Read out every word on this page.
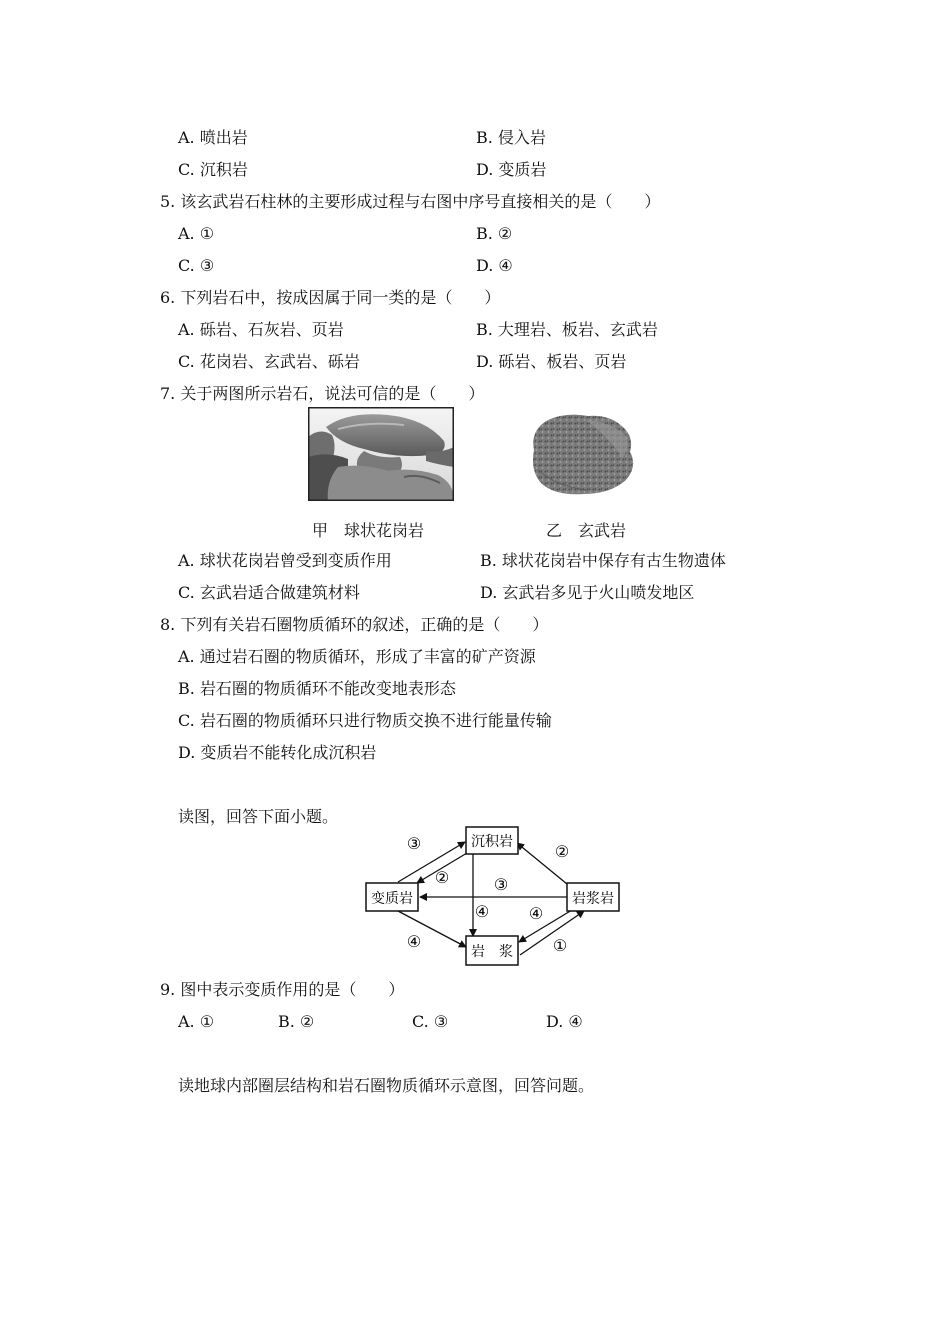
A. 喷出岩	B. 侵入岩
C. 沉积岩	D. 变质岩
5. 该玄武岩石柱林的主要形成过程与右图中序号直接相关的是（　　）
A. ①	B. ②
C. ③	D. ④
6. 下列岩石中，按成因属于同一类的是（　　）
A. 砾岩、石灰岩、页岩	B. 大理岩、板岩、玄武岩
C. 花岗岩、玄武岩、砾岩	D. 砾岩、板岩、页岩
7. 关于两图所示岩石，说法可信的是（　　）
甲　球状花岗岩	乙　玄武岩
A. 球状花岗岩曾受到变质作用	B. 球状花岗岩中保存有古生物遗体
C. 玄武岩适合做建筑材料	D. 玄武岩多见于火山喷发地区
8. 下列有关岩石圈物质循环的叙述，正确的是（　　）
A. 通过岩石圈的物质循环，形成了丰富的矿产资源
B. 岩石圈的物质循环不能改变地表形态
C. 岩石圈的物质循环只进行物质交换不进行能量传输
D. 变质岩不能转化成沉积岩
读图，回答下面小题。
沉积岩
变质岩	岩浆岩
岩　浆
③	②
②	③
④ ④
④	①
9. 图中表示变质作用的是（　　）
A. ①	B. ②	C. ③	D. ④
读地球内部圈层结构和岩石圈物质循环示意图，回答问题。
